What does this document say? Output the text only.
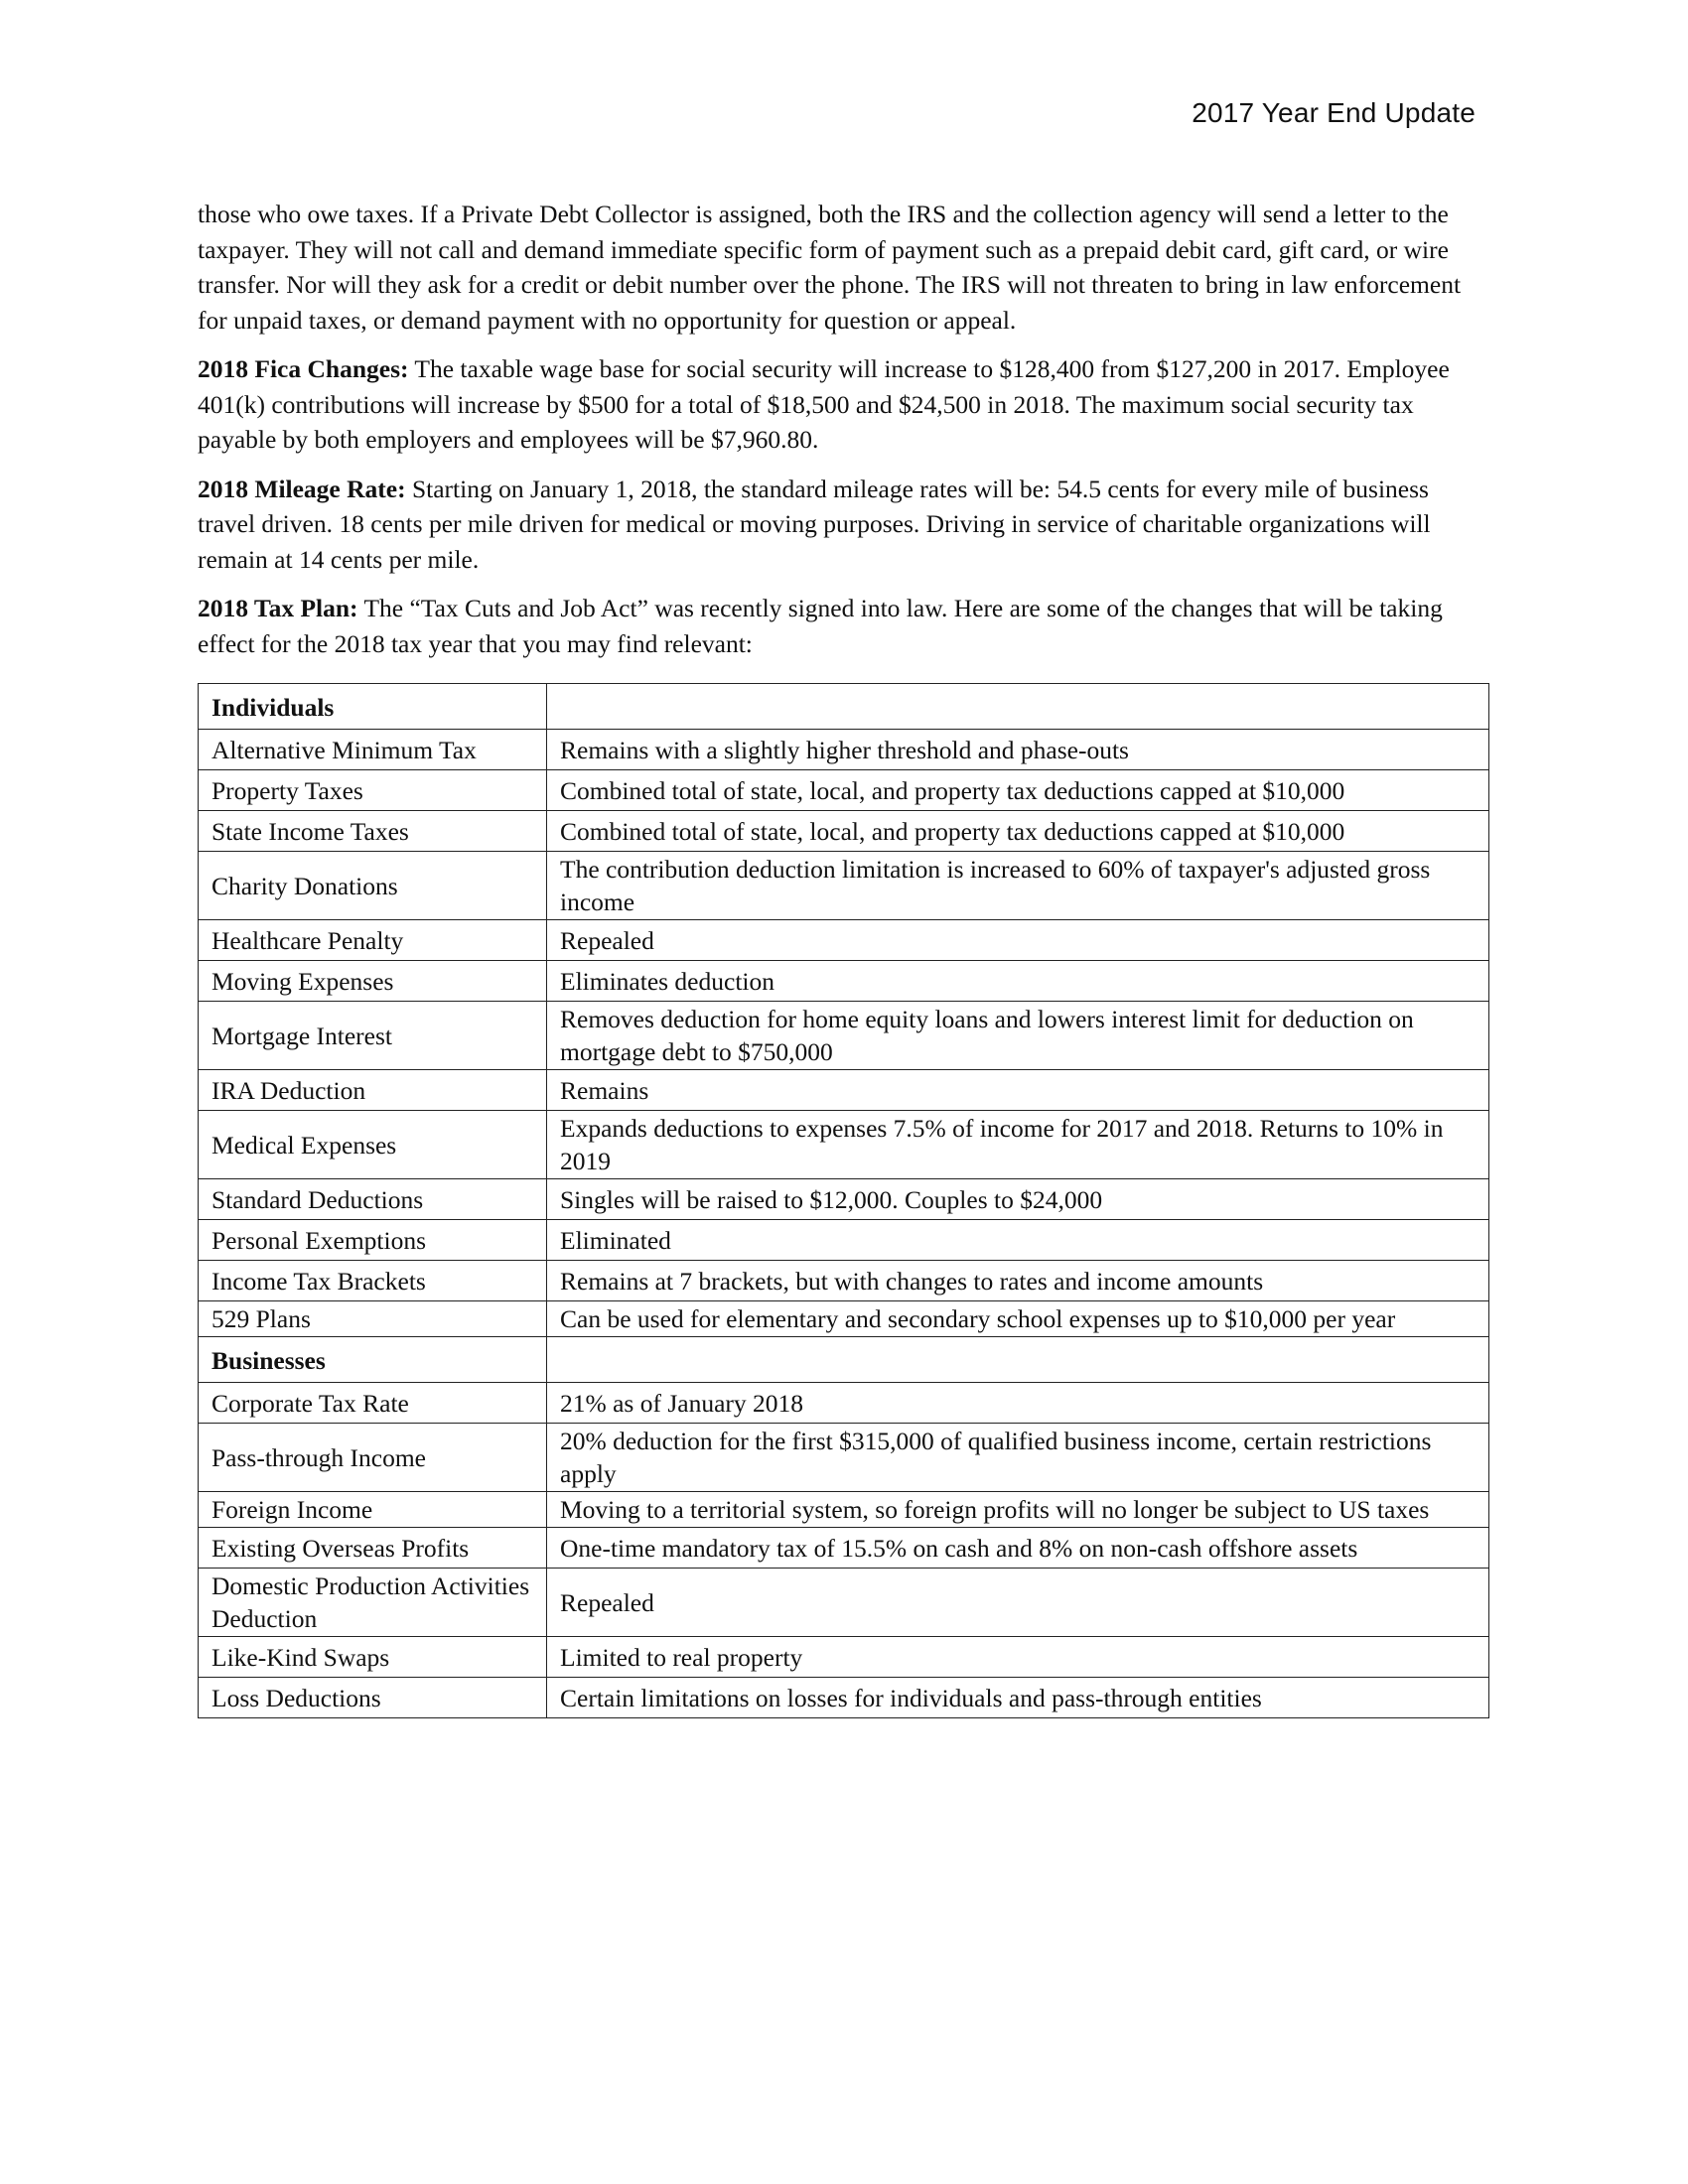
2017 Year End Update

those who owe taxes. If a Private Debt Collector is assigned, both the IRS and the collection agency will send a letter to the taxpayer. They will not call and demand immediate specific form of payment such as a prepaid debit card, gift card, or wire transfer. Nor will they ask for a credit or debit number over the phone. The IRS will not threaten to bring in law enforcement for unpaid taxes, or demand payment with no opportunity for question or appeal.

2018 Fica Changes: The taxable wage base for social security will increase to $128,400 from $127,200 in 2017. Employee 401(k) contributions will increase by $500 for a total of $18,500 and $24,500 in 2018. The maximum social security tax payable by both employers and employees will be $7,960.80.

2018 Mileage Rate: Starting on January 1, 2018, the standard mileage rates will be: 54.5 cents for every mile of business travel driven. 18 cents per mile driven for medical or moving purposes. Driving in service of charitable organizations will remain at 14 cents per mile.

2018 Tax Plan: The “Tax Cuts and Job Act” was recently signed into law. Here are some of the changes that will be taking effect for the 2018 tax year that you may find relevant:

Individuals	
Alternative Minimum Tax	Remains with a slightly higher threshold and phase-outs
Property Taxes	Combined total of state, local, and property tax deductions capped at $10,000
State Income Taxes	Combined total of state, local, and property tax deductions capped at $10,000
Charity Donations	The contribution deduction limitation is increased to 60% of taxpayer's adjusted gross income
Healthcare Penalty	Repealed
Moving Expenses	Eliminates deduction
Mortgage Interest	Removes deduction for home equity loans and lowers interest limit for deduction on mortgage debt to $750,000
IRA Deduction	Remains
Medical Expenses	Expands deductions to expenses 7.5% of income for 2017 and 2018. Returns to 10% in 2019
Standard Deductions	Singles will be raised to $12,000. Couples to $24,000
Personal Exemptions	Eliminated
Income Tax Brackets	Remains at 7 brackets, but with changes to rates and income amounts
529 Plans	Can be used for elementary and secondary school expenses up to $10,000 per year
Businesses	
Corporate Tax Rate	21% as of January 2018
Pass-through Income	20% deduction for the first $315,000 of qualified business income, certain restrictions apply
Foreign Income	Moving to a territorial system, so foreign profits will no longer be subject to US taxes
Existing Overseas Profits	One-time mandatory tax of 15.5% on cash and 8% on non-cash offshore assets
Domestic Production Activities Deduction	Repealed
Like-Kind Swaps	Limited to real property
Loss Deductions	Certain limitations on losses for individuals and pass-through entities
